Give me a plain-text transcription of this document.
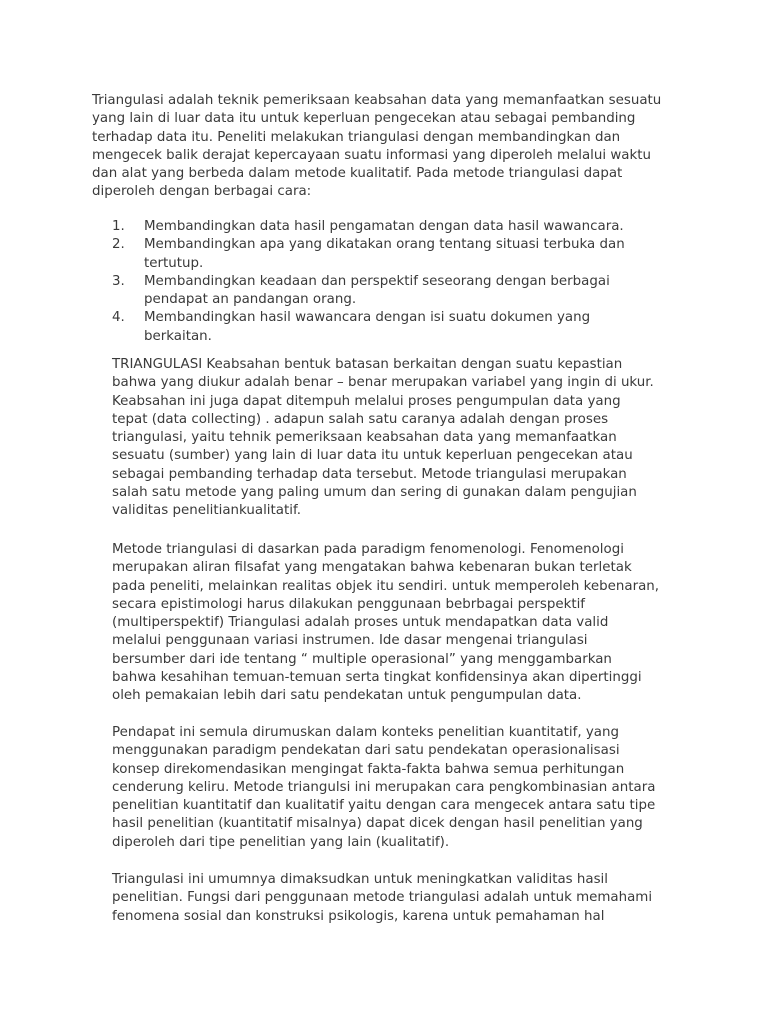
Triangulasi adalah teknik pemeriksaan keabsahan data yang memanfaatkan sesuatu
yang lain di luar data itu untuk keperluan pengecekan atau sebagai pembanding
terhadap data itu. Peneliti melakukan triangulasi dengan membandingkan dan
mengecek balik derajat kepercayaan suatu informasi yang diperoleh melalui waktu
dan alat yang berbeda dalam metode kualitatif. Pada metode triangulasi dapat
diperoleh dengan berbagai cara:

1. Membandingkan data hasil pengamatan dengan data hasil wawancara.
2. Membandingkan apa yang dikatakan orang tentang situasi terbuka dan
tertutup.
3. Membandingkan keadaan dan perspektif seseorang dengan berbagai
pendapat an pandangan orang.
4. Membandingkan hasil wawancara dengan isi suatu dokumen yang
berkaitan.

TRIANGULASI Keabsahan bentuk batasan berkaitan dengan suatu kepastian
bahwa yang diukur adalah benar – benar merupakan variabel yang ingin di ukur.
Keabsahan ini juga dapat ditempuh melalui proses pengumpulan data yang
tepat (data collecting) . adapun salah satu caranya adalah dengan proses
triangulasi, yaitu tehnik pemeriksaan keabsahan data yang memanfaatkan
sesuatu (sumber) yang lain di luar data itu untuk keperluan pengecekan atau
sebagai pembanding terhadap data tersebut. Metode triangulasi merupakan
salah satu metode yang paling umum dan sering di gunakan dalam pengujian
validitas penelitiankualitatif.

Metode triangulasi di dasarkan pada paradigm fenomenologi. Fenomenologi
merupakan aliran filsafat yang mengatakan bahwa kebenaran bukan terletak
pada peneliti, melainkan realitas objek itu sendiri. untuk memperoleh kebenaran,
secara epistimologi harus dilakukan penggunaan bebrbagai perspektif
(multiperspektif) Triangulasi adalah proses untuk mendapatkan data valid
melalui penggunaan variasi instrumen. Ide dasar mengenai triangulasi
bersumber dari ide tentang “ multiple operasional” yang menggambarkan
bahwa kesahihan temuan-temuan serta tingkat konfidensinya akan dipertinggi
oleh pemakaian lebih dari satu pendekatan untuk pengumpulan data.

Pendapat ini semula dirumuskan dalam konteks penelitian kuantitatif, yang
menggunakan paradigm pendekatan dari satu pendekatan operasionalisasi
konsep direkomendasikan mengingat fakta-fakta bahwa semua perhitungan
cenderung keliru. Metode triangulsi ini merupakan cara pengkombinasian antara
penelitian kuantitatif dan kualitatif yaitu dengan cara mengecek antara satu tipe
hasil penelitian (kuantitatif misalnya) dapat dicek dengan hasil penelitian yang
diperoleh dari tipe penelitian yang lain (kualitatif).

Triangulasi ini umumnya dimaksudkan untuk meningkatkan validitas hasil
penelitian. Fungsi dari penggunaan metode triangulasi adalah untuk memahami
fenomena sosial dan konstruksi psikologis, karena untuk pemahaman hal
